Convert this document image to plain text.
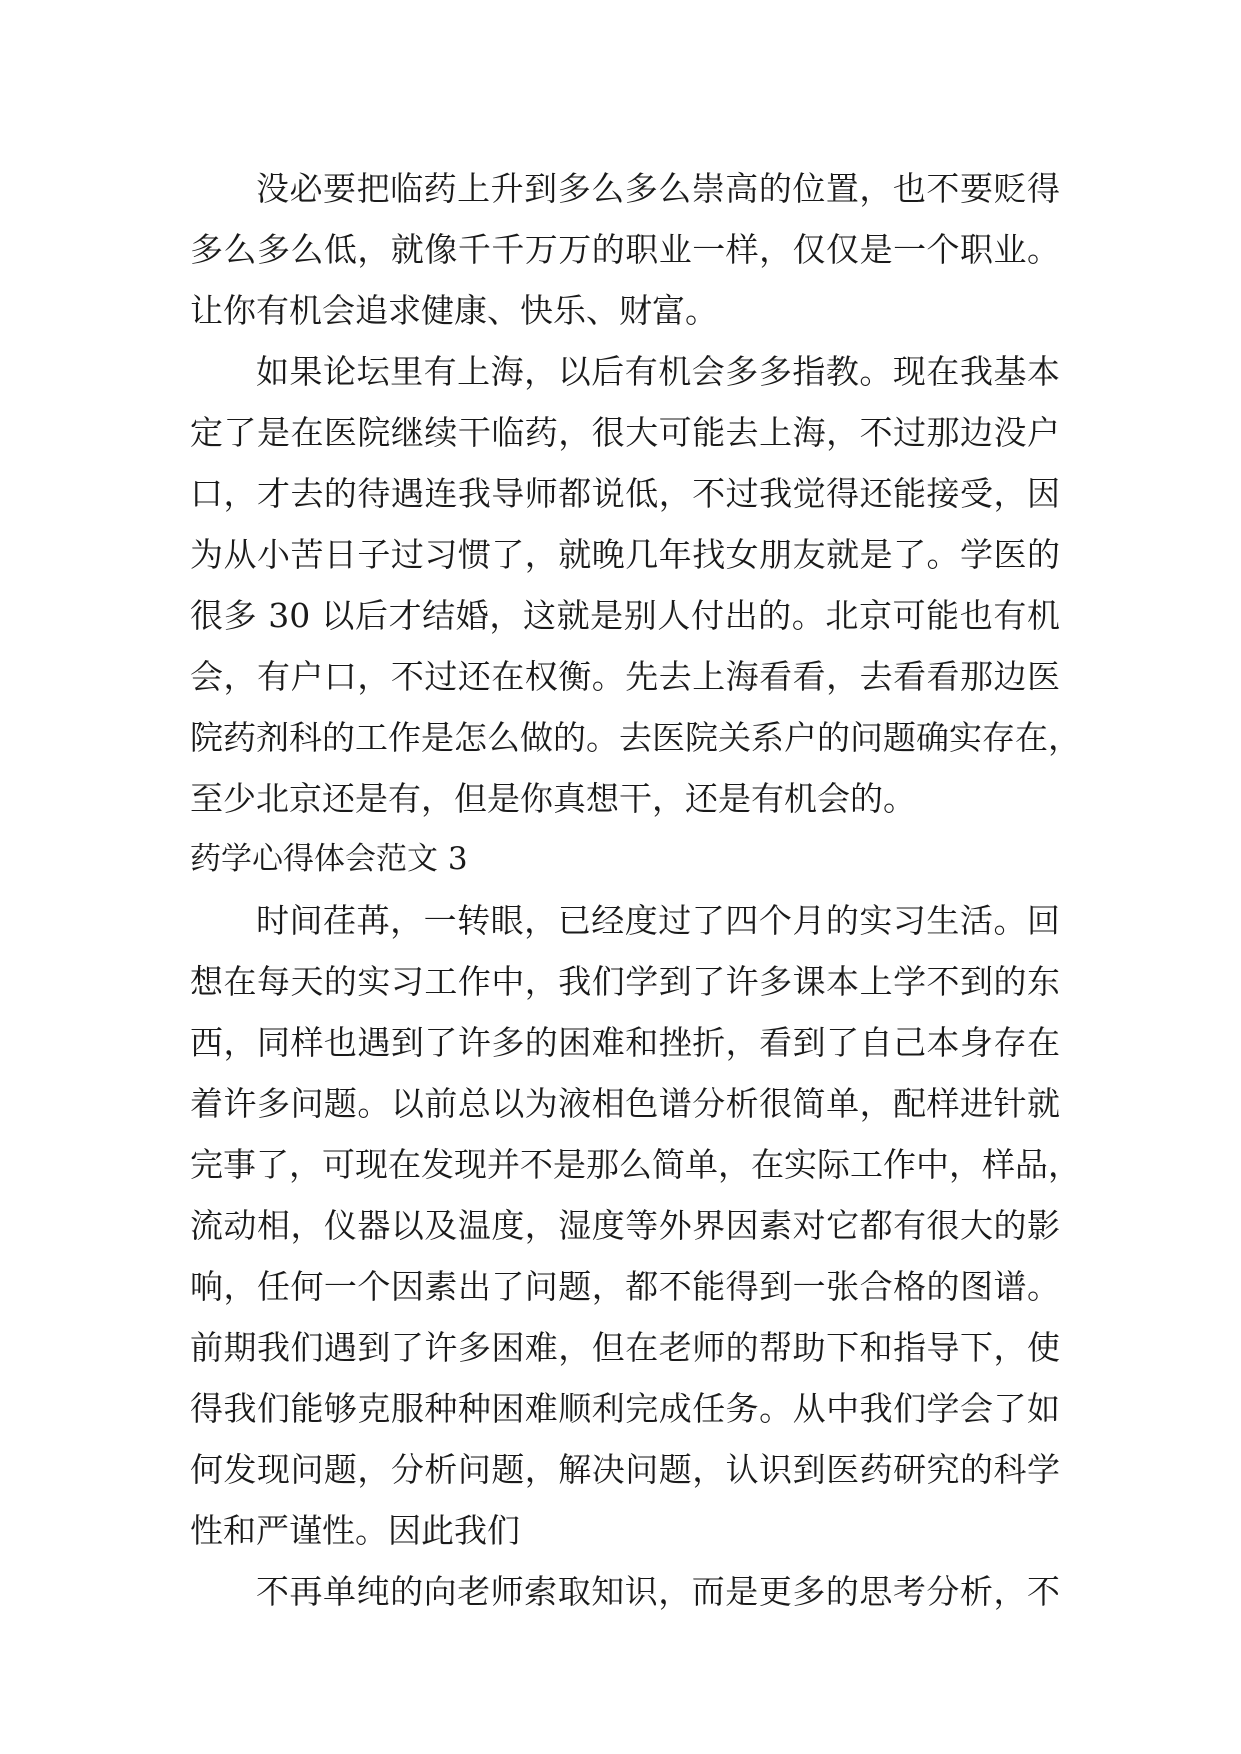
没必要把临药上升到多么多么崇高的位置，也不要贬得
多么多么低，就像千千万万的职业一样，仅仅是一个职业。
让你有机会追求健康、快乐、财富。
如果论坛里有上海，以后有机会多多指教。现在我基本
定了是在医院继续干临药，很大可能去上海，不过那边没户
口，才去的待遇连我导师都说低，不过我觉得还能接受，因
为从小苦日子过习惯了，就晚几年找女朋友就是了。学医的
很多 30 以后才结婚，这就是别人付出的。北京可能也有机
会，有户口，不过还在权衡。先去上海看看，去看看那边医
院药剂科的工作是怎么做的。去医院关系户的问题确实存在，
至少北京还是有，但是你真想干，还是有机会的。
药学心得体会范文 3
时间荏苒，一转眼，已经度过了四个月的实习生活。回
想在每天的实习工作中，我们学到了许多课本上学不到的东
西，同样也遇到了许多的困难和挫折，看到了自己本身存在
着许多问题。以前总以为液相色谱分析很简单，配样进针就
完事了，可现在发现并不是那么简单，在实际工作中，样品，
流动相，仪器以及温度，湿度等外界因素对它都有很大的影
响，任何一个因素出了问题，都不能得到一张合格的图谱。
前期我们遇到了许多困难，但在老师的帮助下和指导下，使
得我们能够克服种种困难顺利完成任务。从中我们学会了如
何发现问题，分析问题，解决问题，认识到医药研究的科学
性和严谨性。因此我们
不再单纯的向老师索取知识，而是更多的思考分析，不
